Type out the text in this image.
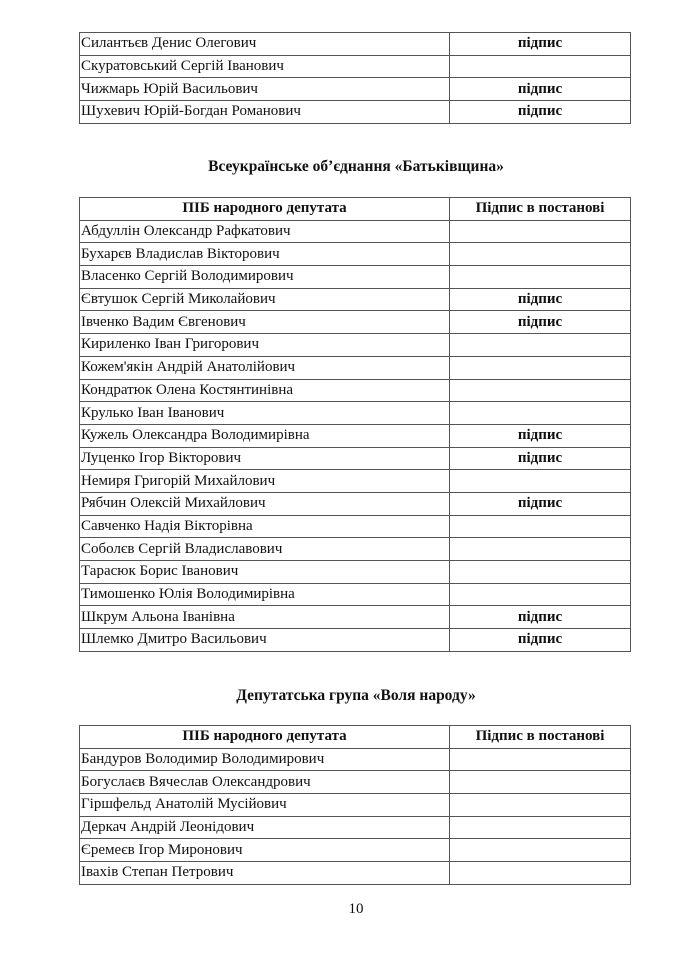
Силантьєв Денис Олегович	підпис
Скуратовський Сергій Іванович	
Чижмарь Юрій Васильович	підпис
Шухевич Юрій-Богдан Романович	підпис
Всеукраїнське об’єднання «Батьківщина»
ПІБ народного депутата	Підпис в постанові
Абдуллін Олександр Рафкатович	
Бухарєв Владислав Вікторович	
Власенко Сергій Володимирович	
Євтушок Сергій Миколайович	підпис
Івченко Вадим Євгенович	підпис
Кириленко Іван Григорович	
Кожем'якін Андрій Анатолійович	
Кондратюк Олена Костянтинівна	
Крулько Іван Іванович	
Кужель Олександра Володимирівна	підпис
Луценко Ігор Вікторович	підпис
Немиря Григорій Михайлович	
Рябчин Олексій Михайлович	підпис
Савченко Надія Вікторівна	
Соболєв Сергій Владиславович	
Тарасюк Борис Іванович	
Тимошенко Юлія Володимирівна	
Шкрум Альона Іванівна	підпис
Шлемко Дмитро Васильович	підпис
Депутатська група «Воля народу»
ПІБ народного депутата	Підпис в постанові
Бандуров Володимир Володимирович	
Богуслаєв Вячеслав Олександрович	
Гіршфельд Анатолій Мусійович	
Деркач Андрій Леонідович	
Єремеєв Ігор Миронович	
Івахів Степан Петрович	
10
